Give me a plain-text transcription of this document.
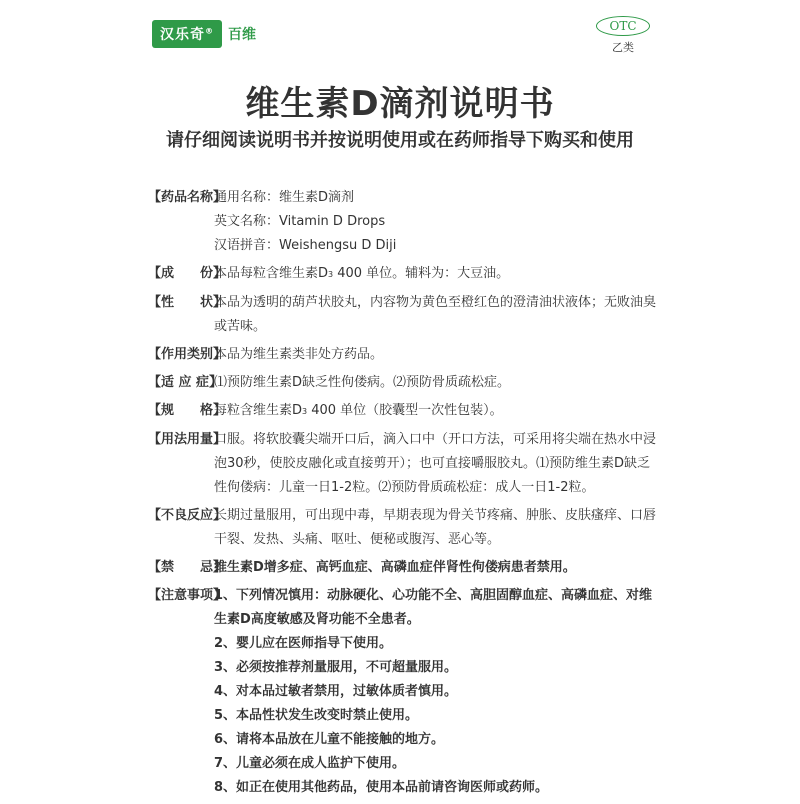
汉乐奇®	百维
OTC
乙类
维生素D滴剂说明书
请仔细阅读说明书并按说明使用或在药师指导下购买和使用
【药品名称】

通用名称：维生素D滴剂

英文名称：Vitamin D Drops

汉语拼音：Weishengsu D Diji

【成　　份】
本品每粒含维生素D3 400 单位。辅料为：大豆油。
【性　　状】
本品为透明的葫芦状胶丸，内容物为黄色至橙红色的澄清油状液体；无败油臭或苦味。
【作用类别】
本品为维生素类非处方药品。
【适 应 症】
⑴预防维生素D缺乏性佝偻病。⑵预防骨质疏松症。
【规　　格】
每粒含维生素D3 400 单位（胶囊型一次性包装）。
【用法用量】
口服。将软胶囊尖端开口后，滴入口中（开口方法，可采用将尖端在热水中浸泡30秒，使胶皮融化或直接剪开）；也可直接嚼服胶丸。⑴预防维生素D缺乏性佝偻病：儿童一日1-2粒。⑵预防骨质疏松症：成人一日1-2粒。
【不良反应】
长期过量服用，可出现中毒，早期表现为骨关节疼痛、肿胀、皮肤瘙痒、口唇干裂、发热、头痛、呕吐、便秘或腹泻、恶心等。
【禁　　忌】
维生素D增多症、高钙血症、高磷血症伴肾性佝偻病患者禁用。
【注意事项】

1、下列情况慎用：动脉硬化、心功能不全、高胆固醇血症、高磷血症、对维生素D高度敏感及肾功能不全患者。

2、婴儿应在医师指导下使用。

3、必须按推荐剂量服用，不可超量服用。

4、对本品过敏者禁用，过敏体质者慎用。

5、本品性状发生改变时禁止使用。

6、请将本品放在儿童不能接触的地方。

7、儿童必须在成人监护下使用。

8、如正在使用其他药品，使用本品前请咨询医师或药师。
